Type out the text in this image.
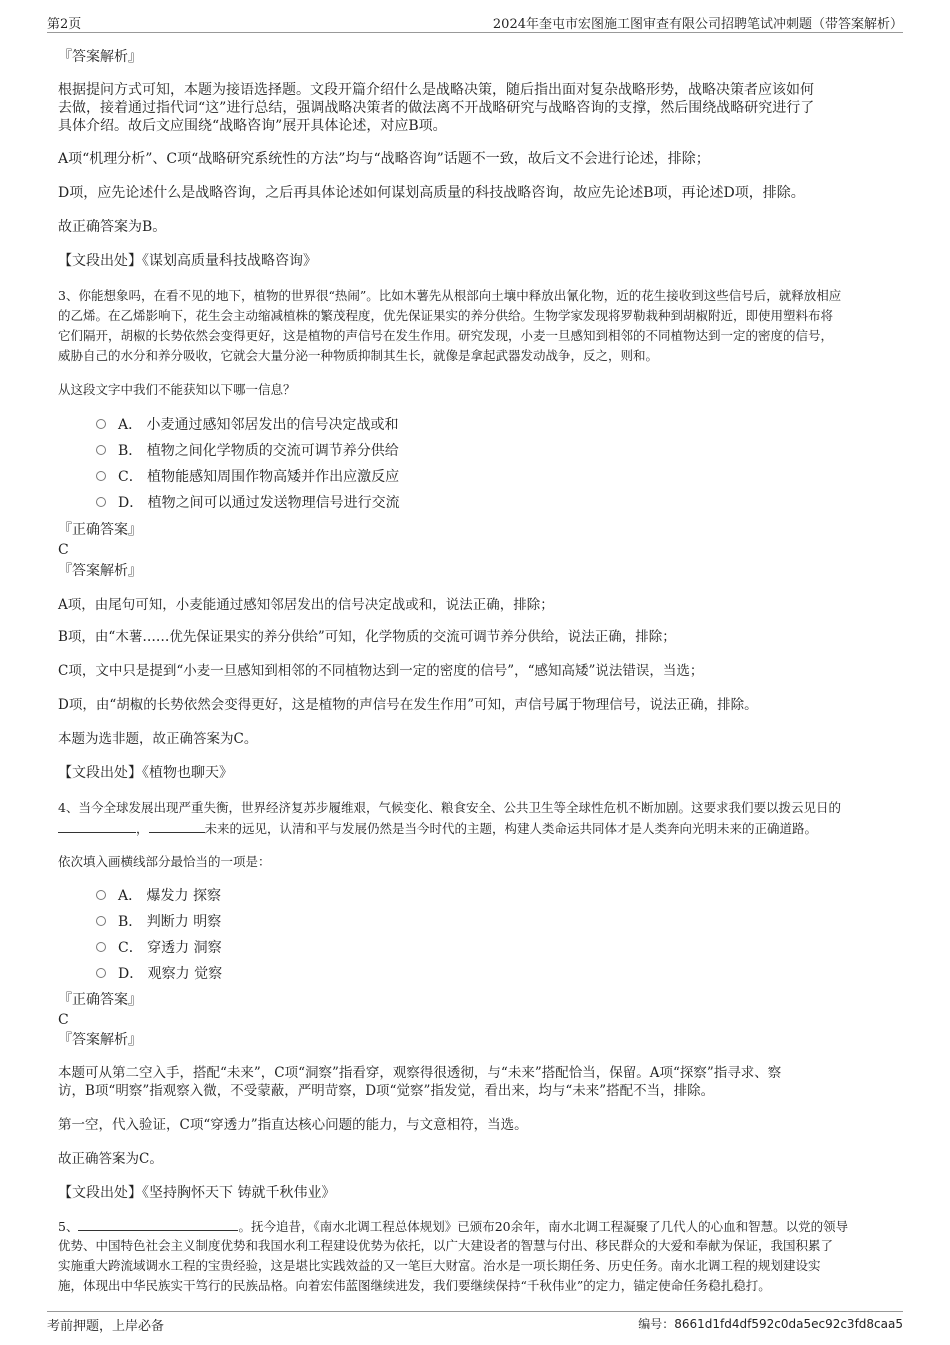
第2页	2024年奎屯市宏图施工图审查有限公司招聘笔试冲刺题（带答案解析）
『答案解析』
根据提问方式可知，本题为接语选择题。文段开篇介绍什么是战略决策，随后指出面对复杂战略形势，战略决策者应该如何
去做，接着通过指代词“这”进行总结，强调战略决策者的做法离不开战略研究与战略咨询的支撑，然后围绕战略研究进行了
具体介绍。故后文应围绕“战略咨询”展开具体论述，对应B项。
A项“机理分析”、C项“战略研究系统性的方法”均与“战略咨询”话题不一致，故后文不会进行论述，排除；
D项，应先论述什么是战略咨询，之后再具体论述如何谋划高质量的科技战略咨询，故应先论述B项，再论述D项，排除。
故正确答案为B。
【文段出处】《谋划高质量科技战略咨询》
3、你能想象吗，在看不见的地下，植物的世界很“热闹”。比如木薯先从根部向土壤中释放出氰化物，近的花生接收到这些信号后，就释放相应
的乙烯。在乙烯影响下，花生会主动缩减植株的繁茂程度，优先保证果实的养分供给。生物学家发现将罗勒栽种到胡椒附近，即使用塑料布将
它们隔开，胡椒的长势依然会变得更好，这是植物的声信号在发生作用。研究发现，小麦一旦感知到相邻的不同植物达到一定的密度的信号，
威胁自己的水分和养分吸收，它就会大量分泌一种物质抑制其生长，就像是拿起武器发动战争，反之，则和。
从这段文字中我们不能获知以下哪一信息？
A． 小麦通过感知邻居发出的信号决定战或和
B． 植物之间化学物质的交流可调节养分供给
C． 植物能感知周围作物高矮并作出应激反应
D． 植物之间可以通过发送物理信号进行交流
『正确答案』
C
『答案解析』
A项，由尾句可知，小麦能通过感知邻居发出的信号决定战或和，说法正确，排除；
B项，由“木薯……优先保证果实的养分供给”可知，化学物质的交流可调节养分供给，说法正确，排除；
C项，文中只是提到“小麦一旦感知到相邻的不同植物达到一定的密度的信号”，“感知高矮”说法错误，当选；
D项，由“胡椒的长势依然会变得更好，这是植物的声信号在发生作用”可知，声信号属于物理信号，说法正确，排除。
本题为选非题，故正确答案为C。
【文段出处】《植物也聊天》
4、当今全球发展出现严重失衡，世界经济复苏步履维艰，气候变化、粮食安全、公共卫生等全球性危机不断加剧。这要求我们要以拨云见日的
，	未来的远见，认清和平与发展仍然是当今时代的主题，构建人类命运共同体才是人类奔向光明未来的正确道路。
依次填入画横线部分最恰当的一项是：
A． 爆发力 探察
B． 判断力 明察
C． 穿透力 洞察
D． 观察力 觉察
『正确答案』
C
『答案解析』
本题可从第二空入手，搭配“未来”，C项“洞察”指看穿，观察得很透彻，与“未来”搭配恰当，保留。A项“探察”指寻求、察
访，B项“明察”指观察入微，不受蒙蔽，严明苛察，D项“觉察”指发觉，看出来，均与“未来”搭配不当，排除。
第一空，代入验证，C项“穿透力”指直达核心问题的能力，与文意相符，当选。
故正确答案为C。
【文段出处】《坚持胸怀天下 铸就千秋伟业》
5、	。抚今追昔，《南水北调工程总体规划》已颁布20余年，南水北调工程凝聚了几代人的心血和智慧。以党的领导
优势、中国特色社会主义制度优势和我国水利工程建设优势为依托，以广大建设者的智慧与付出、移民群众的大爱和奉献为保证，我国积累了
实施重大跨流域调水工程的宝贵经验，这是堪比实践效益的又一笔巨大财富。治水是一项长期任务、历史任务。南水北调工程的规划建设实
施，体现出中华民族实干笃行的民族品格。向着宏伟蓝图继续进发，我们要继续保持“千秋伟业”的定力，锚定使命任务稳扎稳打。
考前押题，上岸必备	编号：8661d1fd4df592c0da5ec92c3fd8caa5
